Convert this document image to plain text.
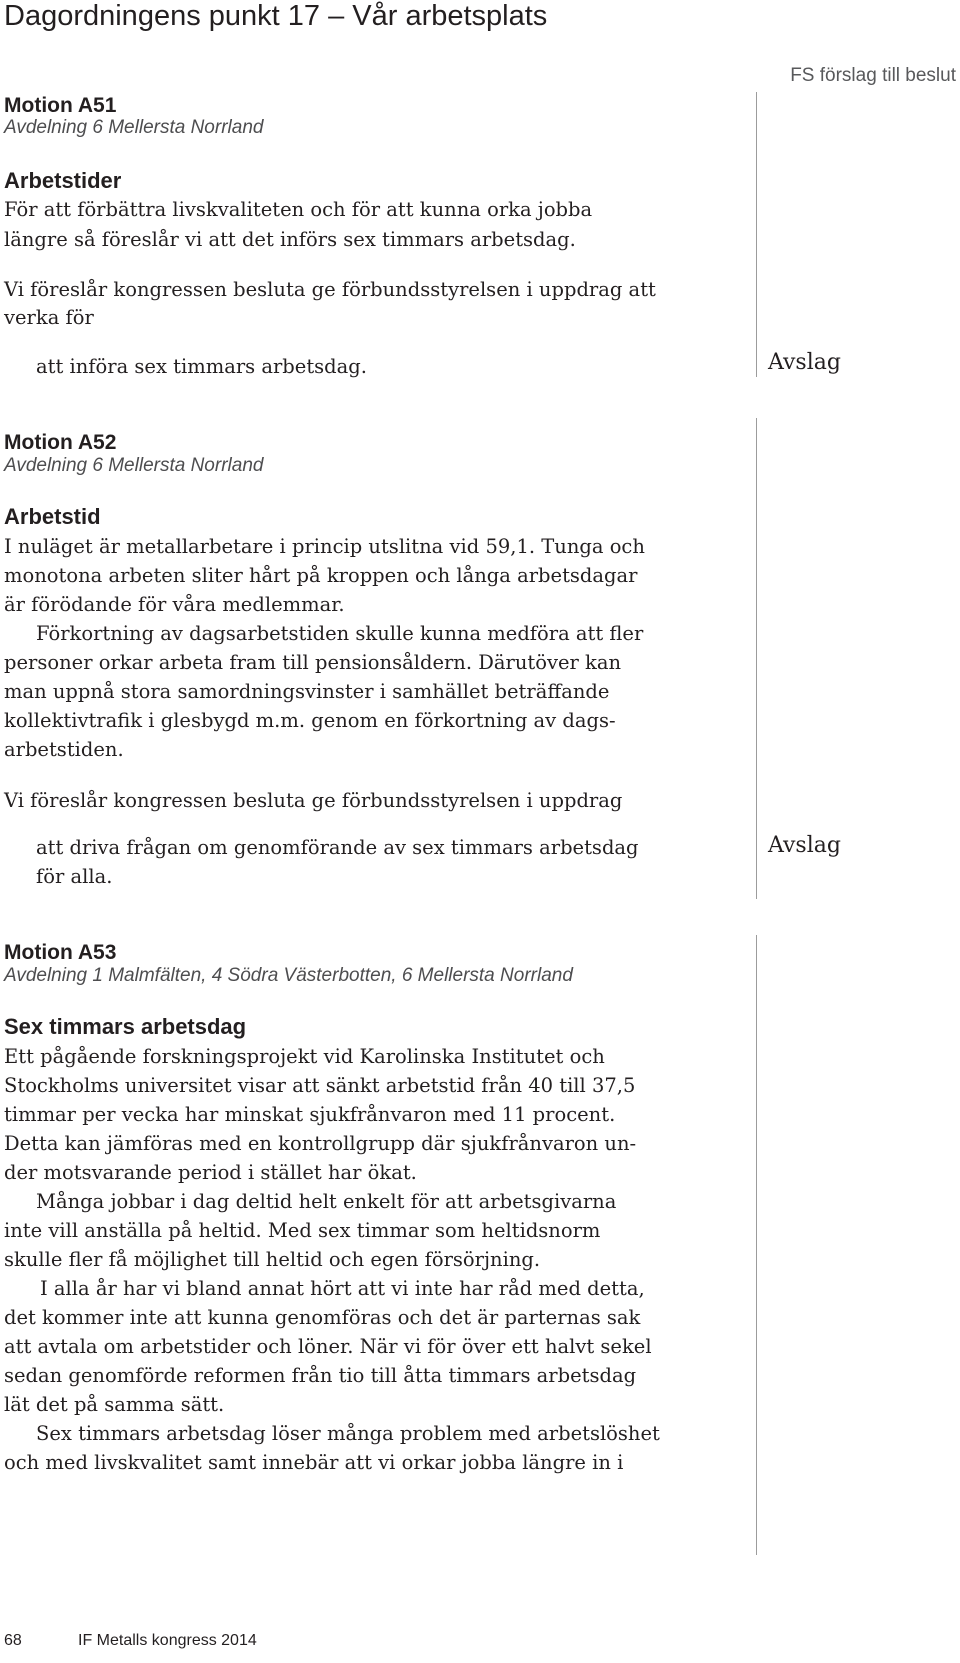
Dagordningens punkt 17 – Vår arbetsplats
FS förslag till beslut
Motion A51
Avdelning 6 Mellersta Norrland
Arbetstider
För att förbättra livskvaliteten och för att kunna orka jobba
längre så föreslår vi att det införs sex timmars arbetsdag.
Vi föreslår kongressen besluta ge förbundsstyrelsen i uppdrag att
verka för
att införa sex timmars arbetsdag.	Avslag
Motion A52
Avdelning 6 Mellersta Norrland
Arbetstid
I nuläget är metallarbetare i princip utslitna vid 59,1. Tunga och
monotona arbeten sliter hårt på kroppen och långa arbetsdagar
är förödande för våra medlemmar.
Förkortning av dagsarbetstiden skulle kunna medföra att fler
personer orkar arbeta fram till pensionsåldern. Därutöver kan
man uppnå stora samordningsvinster i samhället beträffande
kollektivtrafik i glesbygd m.m. genom en förkortning av dags-
arbetstiden.
Vi föreslår kongressen besluta ge förbundsstyrelsen i uppdrag
att driva frågan om genomförande av sex timmars arbetsdag
för alla.
Avslag
Motion A53
Avdelning 1 Malmfälten, 4 Södra Västerbotten, 6 Mellersta Norrland
Sex timmars arbetsdag
Ett pågående forskningsprojekt vid Karolinska Institutet och
Stockholms universitet visar att sänkt arbetstid från 40 till 37,5
timmar per vecka har minskat sjukfrånvaron med 11 procent.
Detta kan jämföras med en kontrollgrupp där sjukfrånvaron un-
der motsvarande period i stället har ökat.
Många jobbar i dag deltid helt enkelt för att arbetsgivarna
inte vill anställa på heltid. Med sex timmar som heltidsnorm
skulle fler få möjlighet till heltid och egen försörjning.
I alla år har vi bland annat hört att vi inte har råd med detta,
det kommer inte att kunna genomföras och det är parternas sak
att avtala om arbetstider och löner. När vi för över ett halvt sekel
sedan genomförde reformen från tio till åtta timmars arbetsdag
lät det på samma sätt.
Sex timmars arbetsdag löser många problem med arbetslöshet
och med livskvalitet samt innebär att vi orkar jobba längre in i
68	IF Metalls kongress 2014
